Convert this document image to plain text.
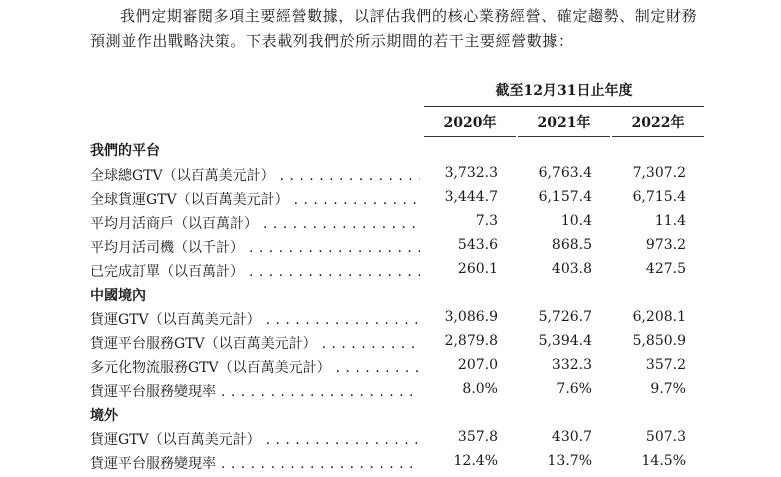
我們定期審閱多項主要經營數據，以評估我們的核心業務經營、確定趨勢、制定財務

預測並作出戰略決策。下表載列我們於所示期間的若干主要經營數據：

截至12月31日止年度
2020年	2021年	2022年
我們的平台
全球總GTV（以百萬美元計） . . .	3,732.3	6,763.4	7,307.2
全球貨運GTV（以百萬美元計） . . .	3,444.7	6,157.4	6,715.4
平均月活商戶（以百萬計） . . .	7.3	10.4	11.4
平均月活司機（以千計） . . .	543.6	868.5	973.2
已完成訂單（以百萬計） . . .	260.1	403.8	427.5
中國境內
貨運GTV（以百萬美元計） . . .	3,086.9	5,726.7	6,208.1
貨運平台服務GTV（以百萬美元計） . . .	2,879.8	5,394.4	5,850.9
多元化物流服務GTV（以百萬美元計） . . .	207.0	332.3	357.2
貨運平台服務變現率 . . .	8.0%	7.6%	9.7%
境外
貨運GTV（以百萬美元計） . . .	357.8	430.7	507.3
貨運平台服務變現率 . . .	12.4%	13.7%	14.5%
